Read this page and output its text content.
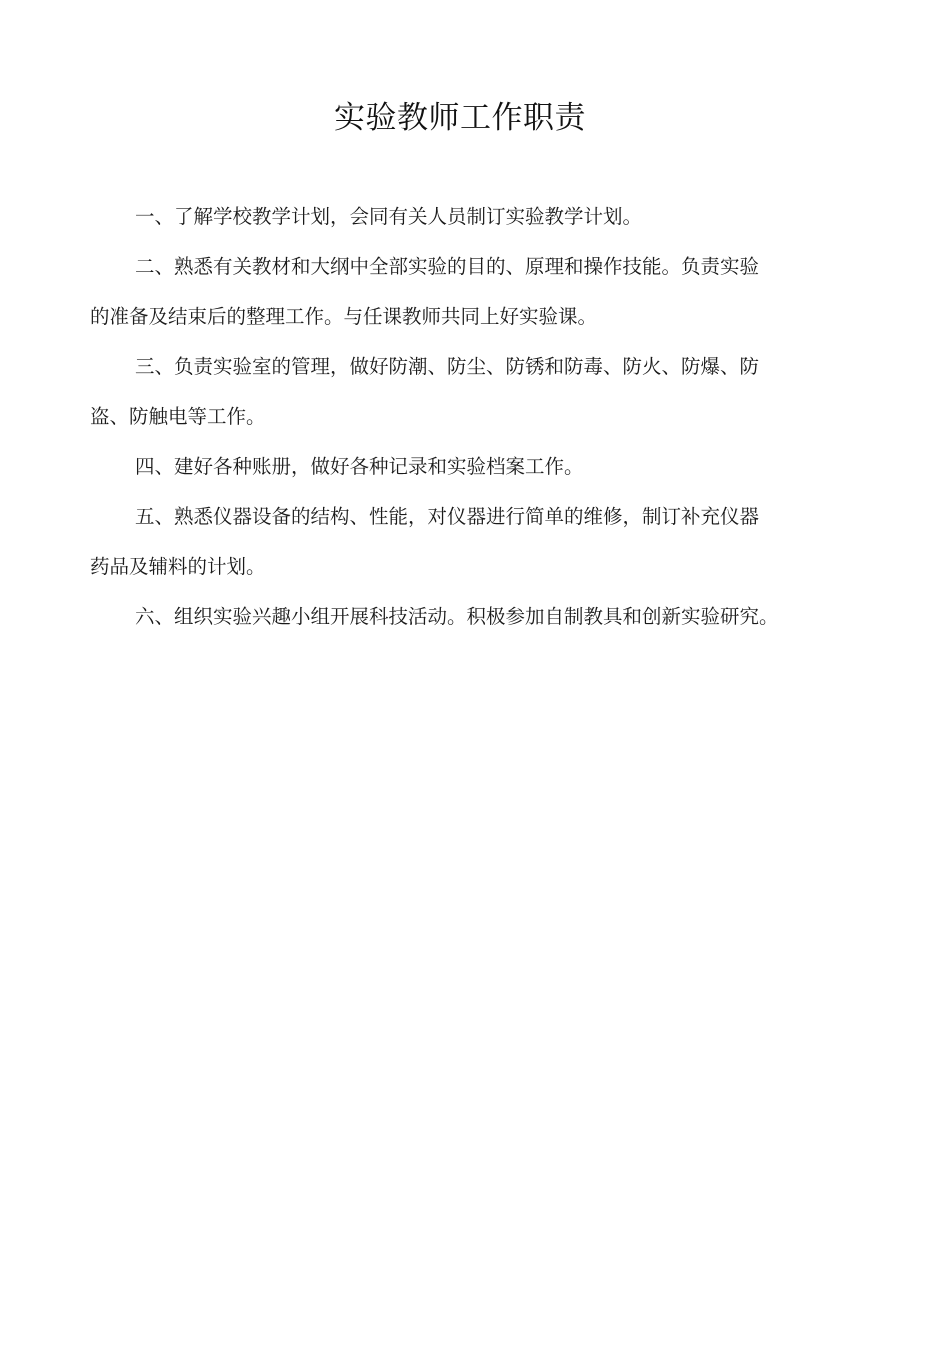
实验教师工作职责

一、了解学校教学计划，会同有关人员制订实验教学计划。

二、熟悉有关教材和大纲中全部实验的目的、原理和操作技能。负责实验
的准备及结束后的整理工作。与任课教师共同上好实验课。

三、负责实验室的管理，做好防潮、防尘、防锈和防毒、防火、防爆、防
盗、防触电等工作。

四、建好各种账册，做好各种记录和实验档案工作。

五、熟悉仪器设备的结构、性能，对仪器进行简单的维修，制订补充仪器
药品及辅料的计划。

六、组织实验兴趣小组开展科技活动。积极参加自制教具和创新实验研究。
